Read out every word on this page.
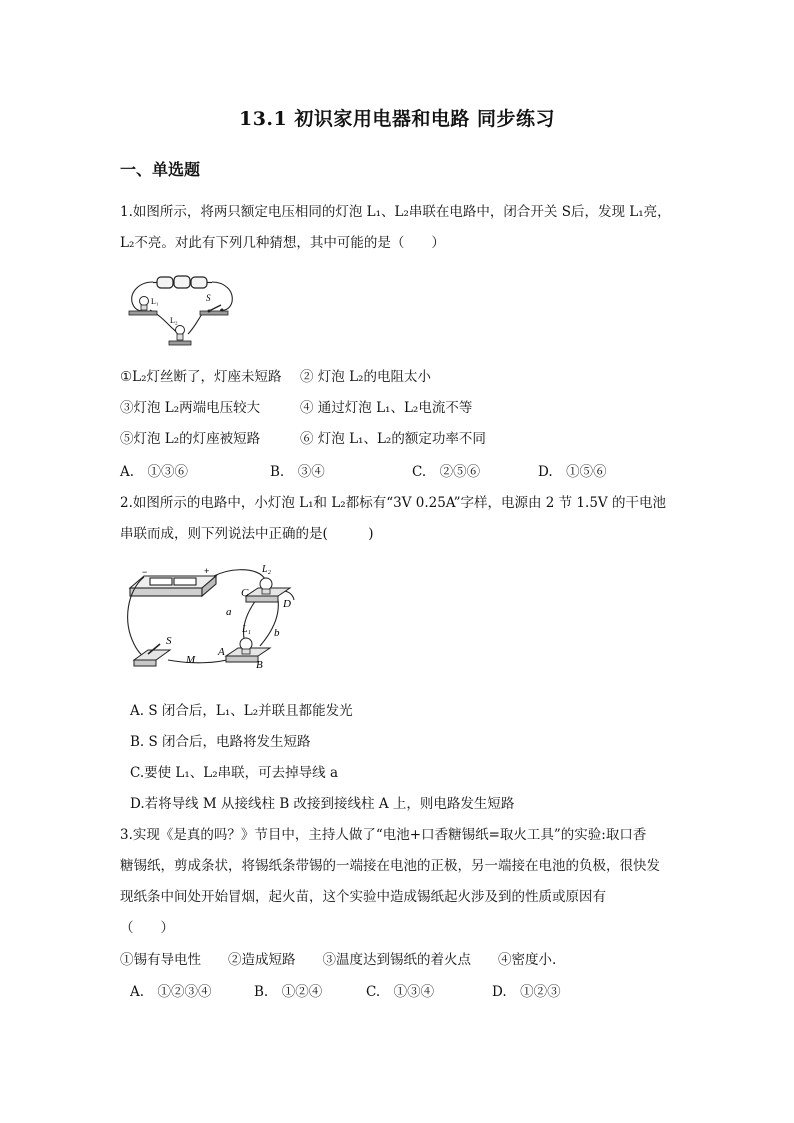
13.1 初识家用电器和电路 同步练习
一、单选题
1.如图所示，将两只额定电压相同的灯泡 L₁、L₂串联在电路中，闭合开关 S后，发现 L₁亮，
L₂不亮。对此有下列几种猜想，其中可能的是（　　）
L₁
L₂
S
①L₂灯丝断了，灯座未短路 ② 灯泡 L₂的电阻太小
③灯泡 L₂两端电压较大	④ 通过灯泡 L₁、L₂电流不等
⑤灯泡 L₂的灯座被短路	⑥ 灯泡 L₁、L₂的额定功率不同
A.　①③⑥	B.　③④	C.　②⑤⑥	D.　①⑤⑥
2.如图所示的电路中，小灯泡 L₁和 L₂都标有“3V 0.25A”字样，电源由 2 节 1.5V 的干电池
串联而成，则下列说法中正确的是(　　　)
−	+	L₂
C
D
a
b
L₁
A
B
S
M
A. S 闭合后，L₁、L₂并联且都能发光
B. S 闭合后，电路将发生短路
C.要使 L₁、L₂串联，可去掉导线 a
D.若将导线 M 从接线柱 B 改接到接线柱 A 上，则电路发生短路
3.实现《是真的吗？》节目中，主持人做了“电池+口香糖锡纸=取火工具”的实验:取口香
糖锡纸，剪成条状，将锡纸条带锡的一端接在电池的正极，另一端接在电池的负极，很快发
现纸条中间处开始冒烟，起火苗，这个实验中造成锡纸起火涉及到的性质或原因有
（　　）
①锡有导电性　　②造成短路　　③温度达到锡纸的着火点　　④密度小.
A.　①②③④	B.　①②④	C.　①③④	D.　①②③
